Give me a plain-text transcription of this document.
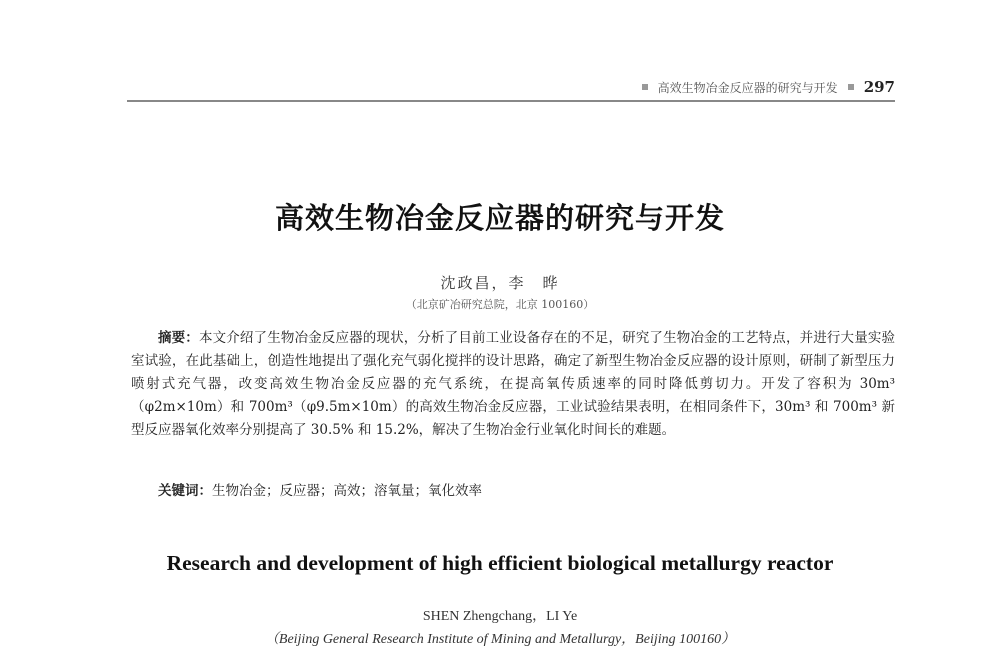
高效生物冶金反应器的研究与开发 297
高效生物冶金反应器的研究与开发
沈政昌，李　晔
（北京矿冶研究总院，北京 100160）
摘要：本文介绍了生物冶金反应器的现状，分析了目前工业设备存在的不足，研究了生物冶金的工艺特点，并进行大量实验室试验，在此基础上，创造性地提出了强化充气弱化搅拌的设计思路，确定了新型生物冶金反应器的设计原则，研制了新型压力喷射式充气器，改变高效生物冶金反应器的充气系统，在提高氧传质速率的同时降低剪切力。开发了容积为 30m³（φ2m×10m）和 700m³（φ9.5m×10m）的高效生物冶金反应器，工业试验结果表明，在相同条件下，30m³ 和 700m³ 新型反应器氧化效率分别提高了 30.5% 和 15.2%，解决了生物冶金行业氧化时间长的难题。
关键词：生物冶金；反应器；高效；溶氧量；氧化效率
Research and development of high efficient biological metallurgy reactor
SHEN Zhengchang，LI Ye
（Beijing General Research Institute of Mining and Metallurgy，Beijing 100160）
